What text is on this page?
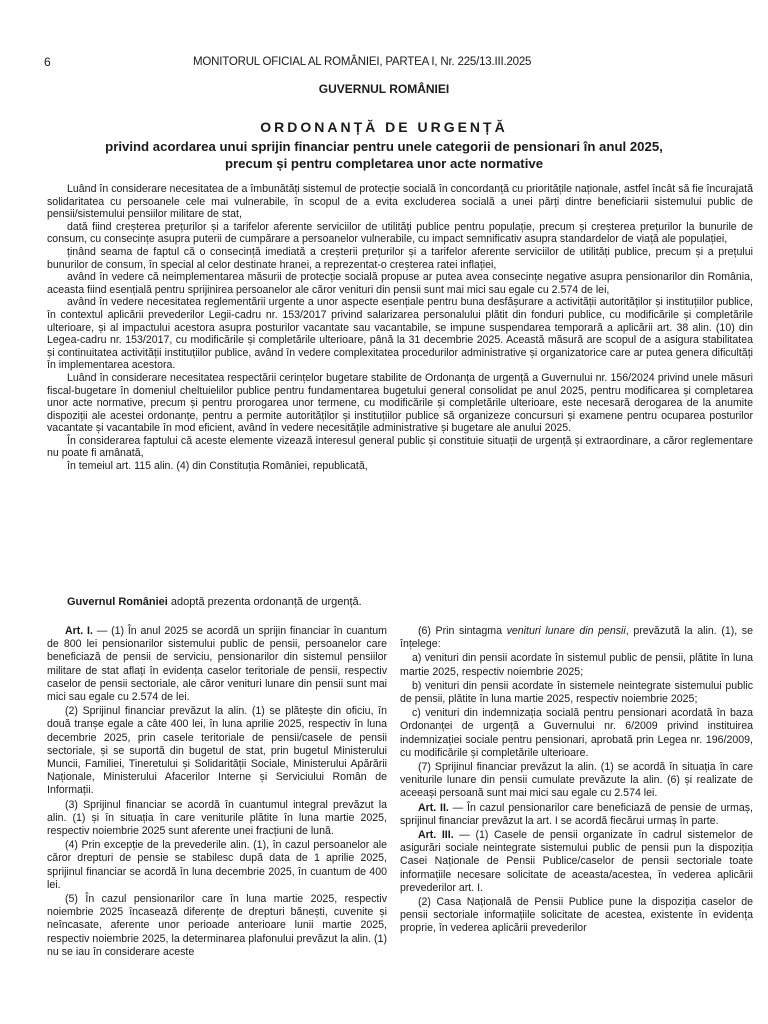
6	MONITORUL OFICIAL AL ROMÂNIEI, PARTEA I, Nr. 225/13.III.2025
GUVERNUL ROMÂNIEI
ORDONANȚĂ DE URGENȚĂ
privind acordarea unui sprijin financiar pentru unele categorii de pensionari în anul 2025,
precum și pentru completarea unor acte normative

Luând în considerare necesitatea de a îmbunătăți sistemul de protecție socială în concordanță cu prioritățile naționale, astfel încât să fie încurajată solidaritatea cu persoanele cele mai vulnerabile, în scopul de a evita excluderea socială a unei părți dintre beneficiarii sistemului public de pensii/sistemului pensiilor militare de stat,

dată fiind creșterea prețurilor și a tarifelor aferente serviciilor de utilități publice pentru populație, precum și creșterea prețurilor la bunurile de consum, cu consecințe asupra puterii de cumpărare a persoanelor vulnerabile, cu impact semnificativ asupra standardelor de viață ale populației,

ținând seama de faptul că o consecință imediată a creșterii prețurilor și a tarifelor aferente serviciilor de utilități publice, precum și a prețului bunurilor de consum, în special al celor destinate hranei, a reprezentat-o creșterea ratei inflației,

având în vedere că neimplementarea măsurii de protecție socială propuse ar putea avea consecințe negative asupra pensionarilor din România, aceasta fiind esențială pentru sprijinirea persoanelor ale căror venituri din pensii sunt mai mici sau egale cu 2.574 de lei,

având în vedere necesitatea reglementării urgente a unor aspecte esențiale pentru buna desfășurare a activității autorităților și instituțiilor publice, în contextul aplicării prevederilor Legii-cadru nr. 153/2017 privind salarizarea personalului plătit din fonduri publice, cu modificările și completările ulterioare, și al impactului acestora asupra posturilor vacantate sau vacantabile, se impune suspendarea temporară a aplicării art. 38 alin. (10) din Legea-cadru nr. 153/2017, cu modificările și completările ulterioare, până la 31 decembrie 2025. Această măsură are scopul de a asigura stabilitatea și continuitatea activității instituțiilor publice, având în vedere complexitatea procedurilor administrative și organizatorice care ar putea genera dificultăți în implementarea acestora.

Luând în considerare necesitatea respectării cerințelor bugetare stabilite de Ordonanța de urgență a Guvernului nr. 156/2024 privind unele măsuri fiscal-bugetare în domeniul cheltuielilor publice pentru fundamentarea bugetului general consolidat pe anul 2025, pentru modificarea și completarea unor acte normative, precum și pentru prorogarea unor termene, cu modificările și completările ulterioare, este necesară derogarea de la anumite dispoziții ale acestei ordonanțe, pentru a permite autorităților și instituțiilor publice să organizeze concursuri și examene pentru ocuparea posturilor vacantate și vacantabile în mod eficient, având în vedere necesitățile administrative și bugetare ale anului 2025.

În considerarea faptului că aceste elemente vizează interesul general public și constituie situații de urgență și extraordinare, a căror reglementare nu poate fi amânată,

în temeiul art. 115 alin. (4) din Constituția României, republicată,

Guvernul României adoptă prezenta ordonanță de urgență.

Art. I. — (1) În anul 2025 se acordă un sprijin financiar în cuantum de 800 lei pensionarilor sistemului public de pensii, persoanelor care beneficiază de pensii de serviciu, pensionarilor din sistemul pensiilor militare de stat aflați în evidența caselor teritoriale de pensii, respectiv caselor de pensii sectoriale, ale căror venituri lunare din pensii sunt mai mici sau egale cu 2.574 de lei.

(2) Sprijinul financiar prevăzut la alin. (1) se plătește din oficiu, în două tranșe egale a câte 400 lei, în luna aprilie 2025, respectiv în luna decembrie 2025, prin casele teritoriale de pensii/casele de pensii sectoriale, și se suportă din bugetul de stat, prin bugetul Ministerului Muncii, Familiei, Tineretului și Solidarității Sociale, Ministerului Apărării Naționale, Ministerului Afacerilor Interne și Serviciului Român de Informații.

(3) Sprijinul financiar se acordă în cuantumul integral prevăzut la alin. (1) și în situația în care veniturile plătite în luna martie 2025, respectiv noiembrie 2025 sunt aferente unei fracțiuni de lună.

(4) Prin excepție de la prevederile alin. (1), în cazul persoanelor ale căror drepturi de pensie se stabilesc după data de 1 aprilie 2025, sprijinul financiar se acordă în luna decembrie 2025, în cuantum de 400 lei.

(5) În cazul pensionarilor care în luna martie 2025, respectiv noiembrie 2025 încasează diferențe de drepturi bănești, cuvenite și neîncasate, aferente unor perioade anterioare lunii martie 2025, respectiv noiembrie 2025, la determinarea plafonului prevăzut la alin. (1) nu se iau în considerare aceste

(6) Prin sintagma venituri lunare din pensii, prevăzută la alin. (1), se înțelege:

a) venituri din pensii acordate în sistemul public de pensii, plătite în luna martie 2025, respectiv noiembrie 2025;

b) venituri din pensii acordate în sistemele neintegrate sistemului public de pensii, plătite în luna martie 2025, respectiv noiembrie 2025;

c) venituri din indemnizația socială pentru pensionari acordată în baza Ordonanței de urgență a Guvernului nr. 6/2009 privind instituirea indemnizației sociale pentru pensionari, aprobată prin Legea nr. 196/2009, cu modificările și completările ulterioare.

(7) Sprijinul financiar prevăzut la alin. (1) se acordă în situația în care veniturile lunare din pensii cumulate prevăzute la alin. (6) și realizate de aceeași persoană sunt mai mici sau egale cu 2.574 lei.

Art. II. — În cazul pensionarilor care beneficiază de pensie de urmaș, sprijinul financiar prevăzut la art. I se acordă fiecărui urmaș în parte.

Art. III. — (1) Casele de pensii organizate în cadrul sistemelor de asigurări sociale neintegrate sistemului public de pensii pun la dispoziția Casei Naționale de Pensii Publice/caselor de pensii sectoriale toate informațiile necesare solicitate de aceasta/acestea, în vederea aplicării prevederilor art. I.

(2) Casa Națională de Pensii Publice pune la dispoziția caselor de pensii sectoriale informațiile solicitate de acestea, existente în evidența proprie, în vederea aplicării prevederilor
